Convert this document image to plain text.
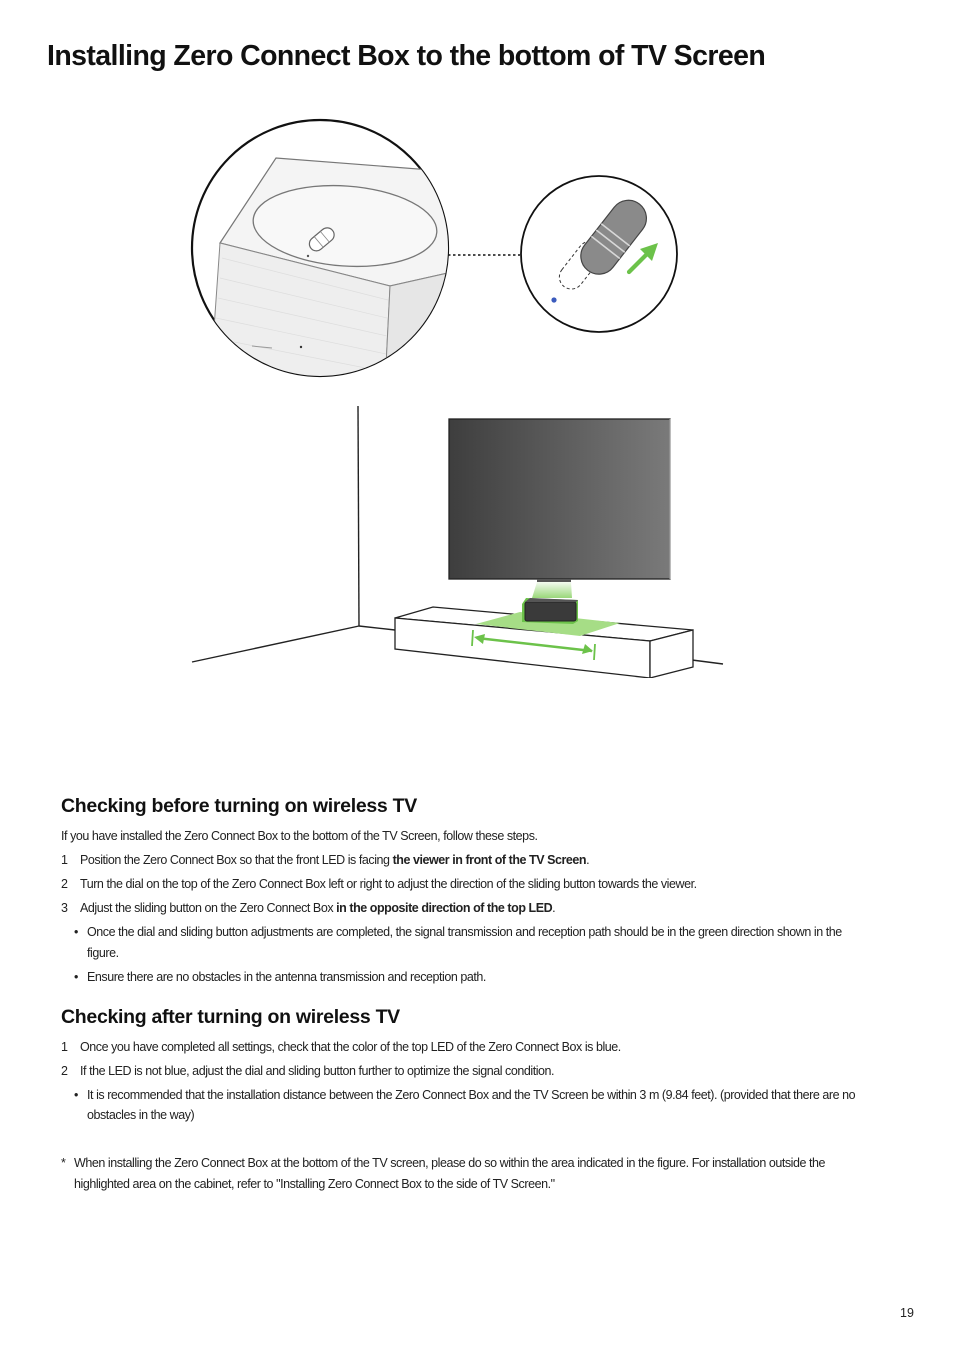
Installing Zero Connect Box to the bottom of TV Screen
Checking before turning on wireless TV
If you have installed the Zero Connect Box to the bottom of the TV Screen, follow these steps.
1 Position the Zero Connect Box so that the front LED is facing the viewer in front of the TV Screen.
2 Turn the dial on the top of the Zero Connect Box left or right to adjust the direction of the sliding button towards the viewer.
3 Adjust the sliding button on the Zero Connect Box in the opposite direction of the top LED.
• Once the dial and sliding button adjustments are completed, the signal transmission and reception path should be in the green direction shown in the
figure.
• Ensure there are no obstacles in the antenna transmission and reception path.
Checking after turning on wireless TV
1 Once you have completed all settings, check that the color of the top LED of the Zero Connect Box is blue.
2 If the LED is not blue, adjust the dial and sliding button further to optimize the signal condition.
• It is recommended that the installation distance between the Zero Connect Box and the TV Screen be within 3 m (9.84 feet). (provided that there are no
obstacles in the way)
* When installing the Zero Connect Box at the bottom of the TV screen, please do so within the area indicated in the figure. For installation outside the
highlighted area on the cabinet, refer to "Installing Zero Connect Box to the side of TV Screen."
19
